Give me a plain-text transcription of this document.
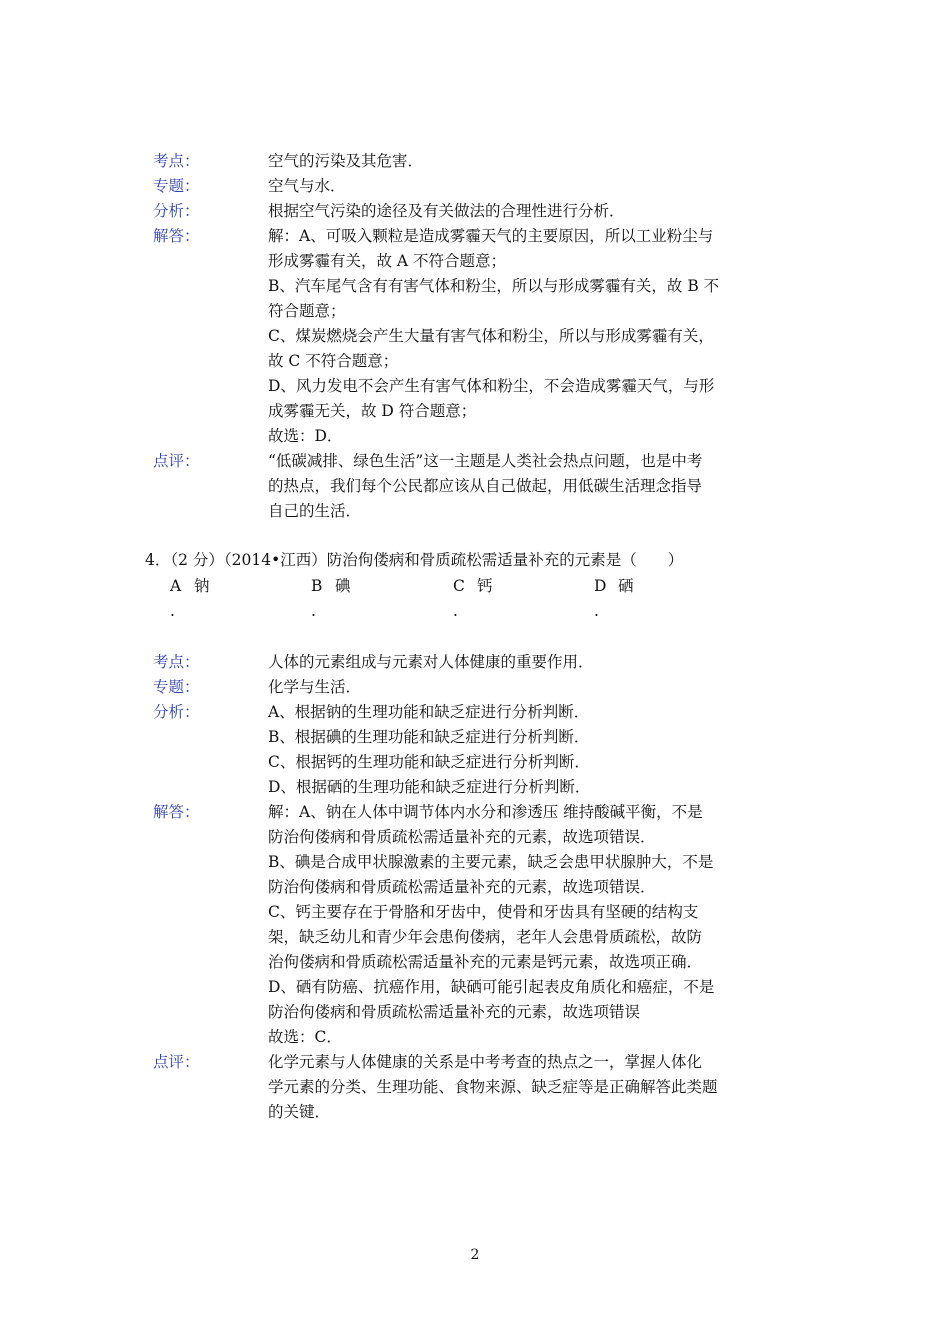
考点：	空气的污染及其危害．
专题：	空气与水．
分析：	根据空气污染的途径及有关做法的合理性进行分析．
解答：	解：A、可吸入颗粒是造成雾霾天气的主要原因，所以工业粉尘与
形成雾霾有关，故 A 不符合题意；
B、汽车尾气含有有害气体和粉尘，所以与形成雾霾有关，故 B 不
符合题意；
C、煤炭燃烧会产生大量有害气体和粉尘，所以与形成雾霾有关，
故 C 不符合题意；
D、风力发电不会产生有害气体和粉尘，不会造成雾霾天气，与形
成雾霾无关，故 D 符合题意；
故选：D．
点评：	“低碳减排、绿色生活”这一主题是人类社会热点问题，也是中考
的热点，我们每个公民都应该从自己做起，用低碳生活理念指导
自己的生活．
4．（2 分）（2014•江西）防治佝偻病和骨质疏松需适量补充的元素是（　　）
A 钠
.
B 碘
.
C 钙
.
D 硒
.
考点：	人体的元素组成与元素对人体健康的重要作用．
专题：	化学与生活．
分析：	A、根据钠的生理功能和缺乏症进行分析判断．
B、根据碘的生理功能和缺乏症进行分析判断．
C、根据钙的生理功能和缺乏症进行分析判断．
D、根据硒的生理功能和缺乏症进行分析判断．
解答：	解：A、钠在人体中调节体内水分和渗透压 维持酸碱平衡，不是
防治佝偻病和骨质疏松需适量补充的元素，故选项错误．
B、碘是合成甲状腺激素的主要元素，缺乏会患甲状腺肿大，不是
防治佝偻病和骨质疏松需适量补充的元素，故选项错误．
C、钙主要存在于骨胳和牙齿中，使骨和牙齿具有坚硬的结构支
架，缺乏幼儿和青少年会患佝偻病，老年人会患骨质疏松，故防
治佝偻病和骨质疏松需适量补充的元素是钙元素，故选项正确．
D、硒有防癌、抗癌作用，缺硒可能引起表皮角质化和癌症，不是
防治佝偻病和骨质疏松需适量补充的元素，故选项错误
故选：C．
点评：	化学元素与人体健康的关系是中考考查的热点之一，掌握人体化
学元素的分类、生理功能、食物来源、缺乏症等是正确解答此类题
的关键．
2
